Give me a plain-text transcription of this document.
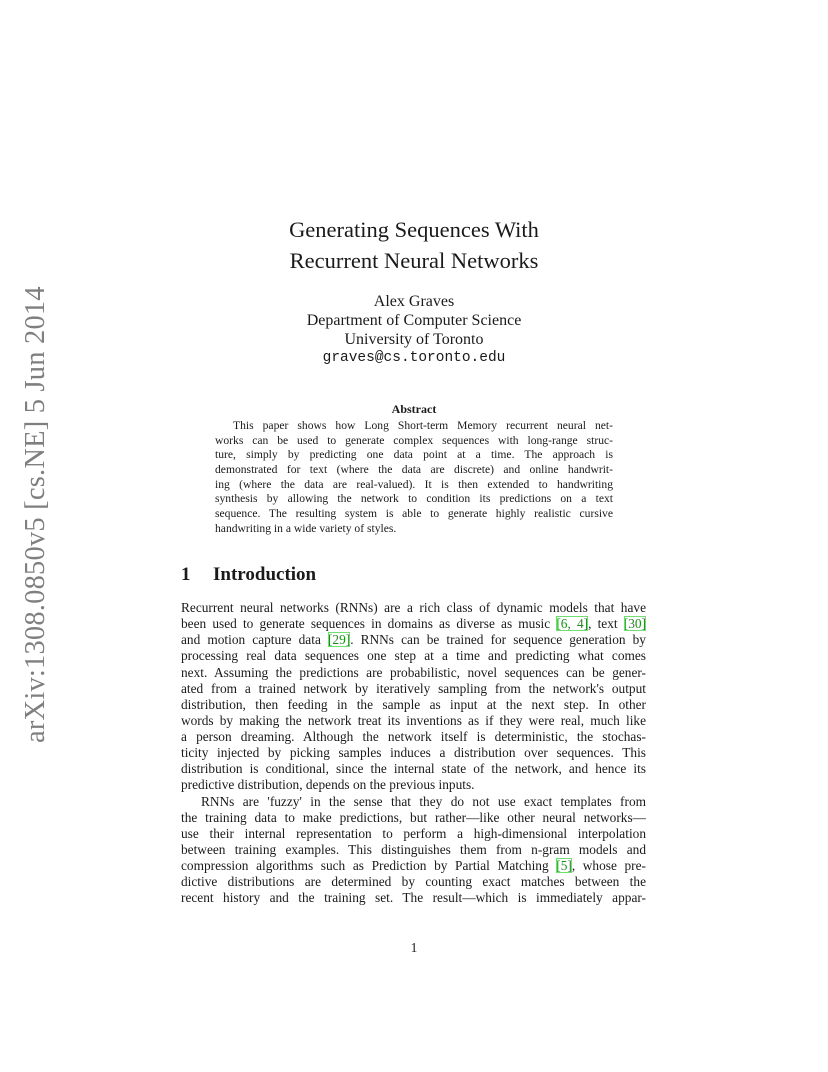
arXiv:1308.0850v5 [cs.NE] 5 Jun 2014
Generating Sequences With
Recurrent Neural Networks
Alex Graves
Department of Computer Science
University of Toronto
graves@cs.toronto.edu
Abstract
This paper shows how Long Short-term Memory recurrent neural net-
works can be used to generate complex sequences with long-range struc-
ture, simply by predicting one data point at a time. The approach is
demonstrated for text (where the data are discrete) and online handwrit-
ing (where the data are real-valued). It is then extended to handwriting
synthesis by allowing the network to condition its predictions on a text
sequence. The resulting system is able to generate highly realistic cursive
handwriting in a wide variety of styles.
1 Introduction
Recurrent neural networks (RNNs) are a rich class of dynamic models that have
been used to generate sequences in domains as diverse as music [6, 4], text [30]
and motion capture data [29]. RNNs can be trained for sequence generation by
processing real data sequences one step at a time and predicting what comes
next. Assuming the predictions are probabilistic, novel sequences can be gener-
ated from a trained network by iteratively sampling from the network's output
distribution, then feeding in the sample as input at the next step. In other
words by making the network treat its inventions as if they were real, much like
a person dreaming. Although the network itself is deterministic, the stochas-
ticity injected by picking samples induces a distribution over sequences. This
distribution is conditional, since the internal state of the network, and hence its
predictive distribution, depends on the previous inputs.
RNNs are 'fuzzy' in the sense that they do not use exact templates from
the training data to make predictions, but rather—like other neural networks—
use their internal representation to perform a high-dimensional interpolation
between training examples. This distinguishes them from n-gram models and
compression algorithms such as Prediction by Partial Matching [5], whose pre-
dictive distributions are determined by counting exact matches between the
recent history and the training set. The result—which is immediately appar-
1
